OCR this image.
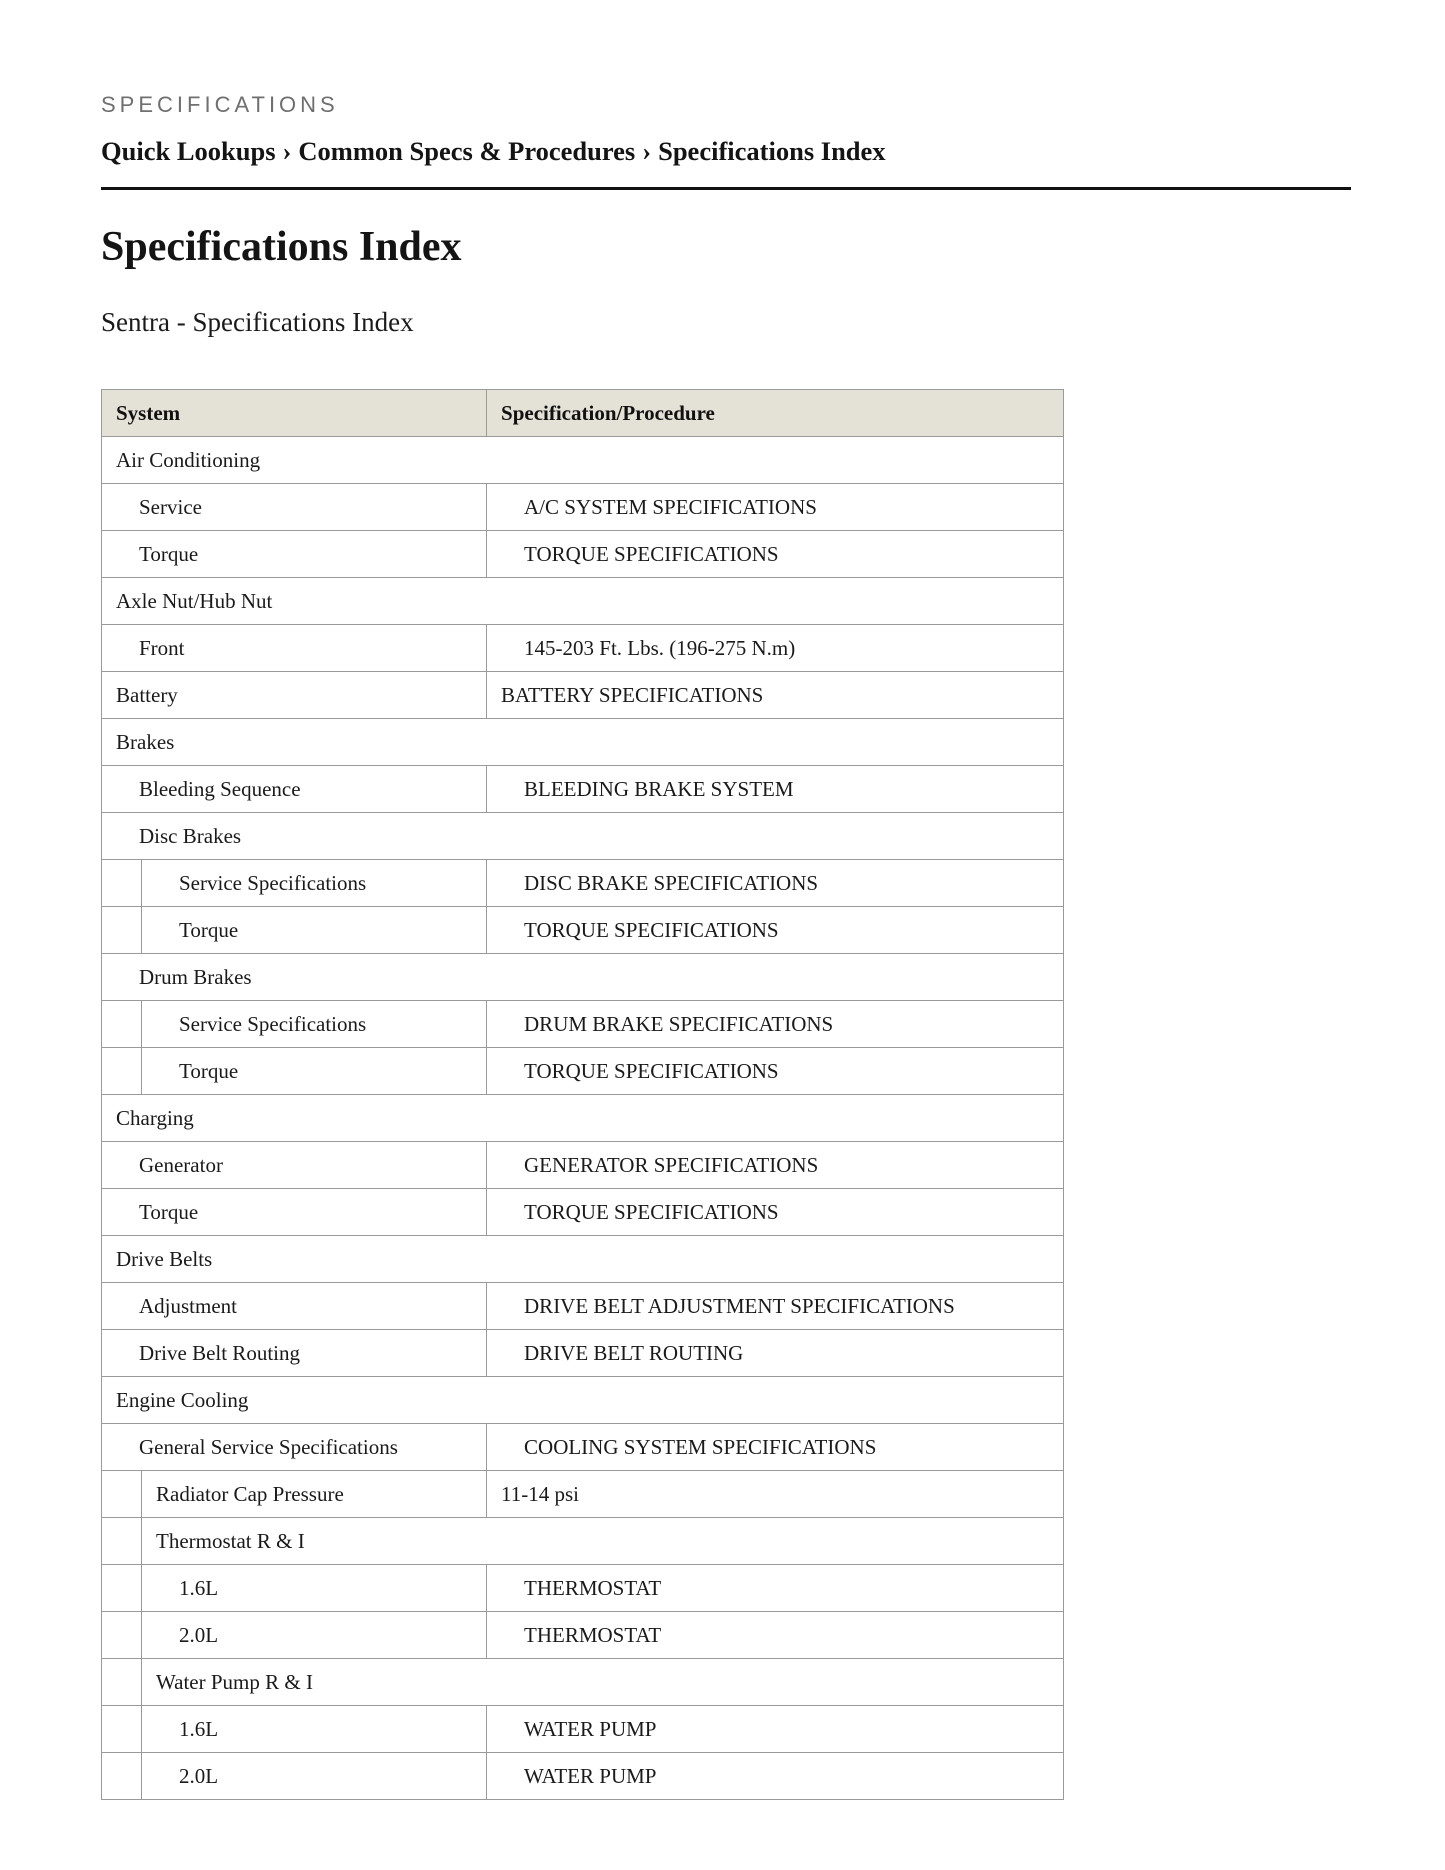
SPECIFICATIONS
Quick Lookups › Common Specs & Procedures › Specifications Index
Specifications Index
Sentra - Specifications Index
System		Specification/Procedure
Air Conditioning		
Service		A/C SYSTEM SPECIFICATIONS
Torque		TORQUE SPECIFICATIONS
Axle Nut/Hub Nut		
Front		145-203 Ft. Lbs. (196-275 N.m)
Battery		BATTERY SPECIFICATIONS
Brakes		
Bleeding Sequence		BLEEDING BRAKE SYSTEM
Disc Brakes		
	Service Specifications	DISC BRAKE SPECIFICATIONS
	Torque	TORQUE SPECIFICATIONS
Drum Brakes		
	Service Specifications	DRUM BRAKE SPECIFICATIONS
	Torque	TORQUE SPECIFICATIONS
Charging		
Generator		GENERATOR SPECIFICATIONS
Torque		TORQUE SPECIFICATIONS
Drive Belts		
Adjustment		DRIVE BELT ADJUSTMENT SPECIFICATIONS
Drive Belt Routing		DRIVE BELT ROUTING
Engine Cooling		
General Service Specifications		COOLING SYSTEM SPECIFICATIONS
	Radiator Cap Pressure	11-14 psi
	Thermostat R & I	
	1.6L	THERMOSTAT
	2.0L	THERMOSTAT
	Water Pump R & I	
	1.6L	WATER PUMP
	2.0L	WATER PUMP
